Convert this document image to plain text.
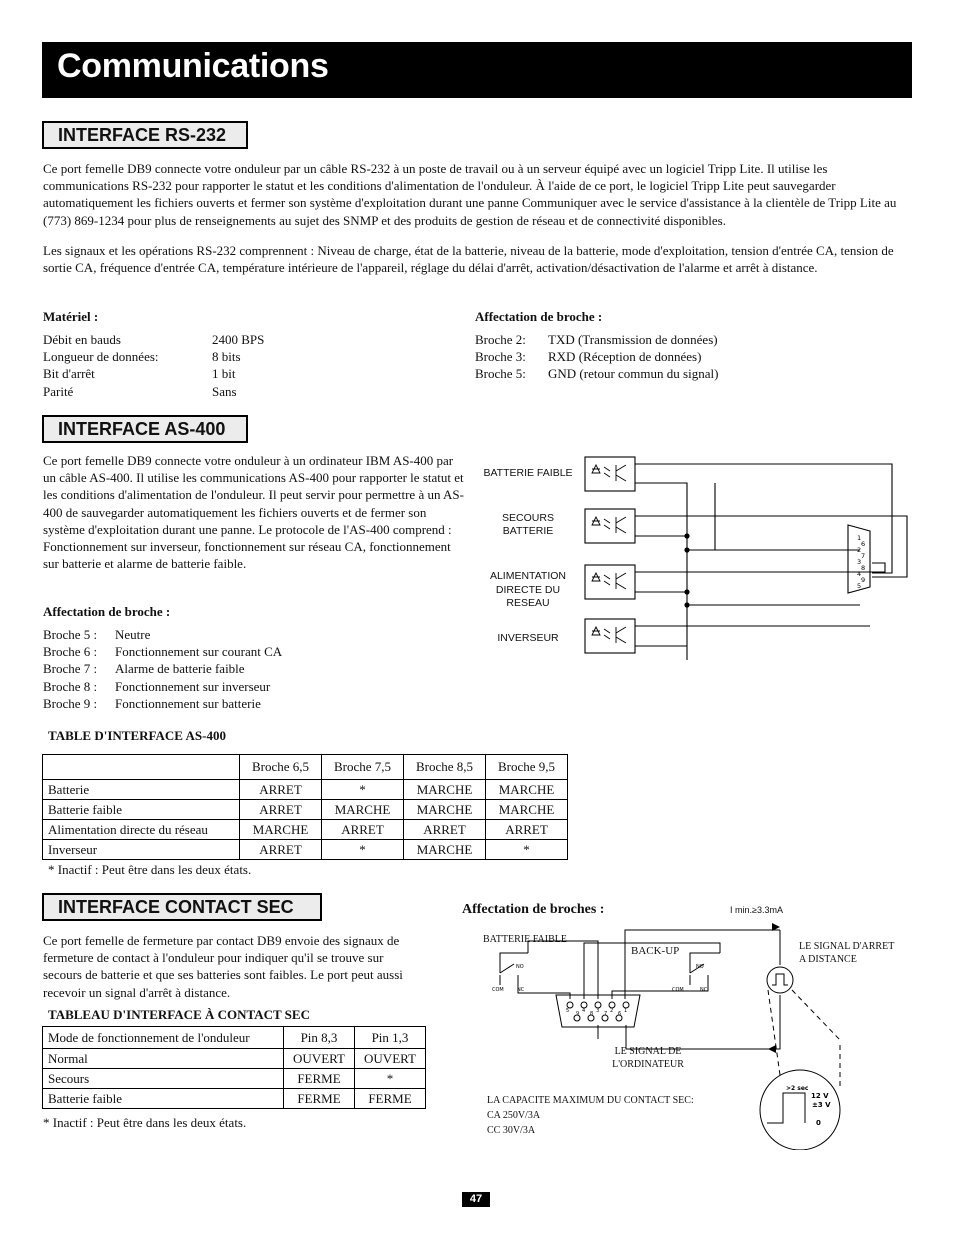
Communications
INTERFACE RS-232
Ce port femelle DB9 connecte votre onduleur par un câble RS-232 à un poste de travail ou à un serveur équipé avec un logiciel Tripp Lite. Il utilise les communications RS-232 pour rapporter le statut et les conditions d'alimentation de l'onduleur. À l'aide de ce port, le logiciel Tripp Lite peut sauvegarder automatiquement les fichiers ouverts et fermer son système d'exploitation durant une panne Communiquer avec le service d'assistance à la clientèle de Tripp Lite au (773) 869-1234 pour plus de renseignements au sujet des SNMP et des produits de gestion de réseau et de connectivité disponibles.
Les signaux et les opérations RS-232 comprennent : Niveau de charge, état de la batterie, niveau de la batterie, mode d'exploitation, tension d'entrée CA, tension de sortie CA, fréquence d'entrée CA, température intérieure de l'appareil, réglage du délai d'arrêt, activation/désactivation de l'alarme et arrêt à distance.
Matériel :
Débit en bauds	2400 BPS
Longueur de données:	8 bits
Bit d'arrêt	1 bit
Parité	Sans
Affectation de broche :
Broche 2: TXD (Transmission de données)
Broche 3: RXD (Réception de données)
Broche 5: GND (retour commun du signal)
INTERFACE AS-400
Ce port femelle DB9 connecte votre onduleur à un ordinateur IBM AS-400 par un câble AS-400. Il utilise les communications AS-400 pour rapporter le statut et les conditions d'alimentation de l'onduleur. Il peut servir pour permettre à un AS-400 de sauvegarder automatiquement les fichiers ouverts et de fermer son système d'exploitation durant une panne. Le protocole de l'AS-400 comprend : Fonctionnement sur inverseur, fonctionnement sur réseau CA, fonctionnement sur batterie et alarme de batterie faible.
Affectation de broche :
Broche 5 : Neutre
Broche 6 : Fonctionnement sur courant CA
Broche 7 : Alarme de batterie faible
Broche 8 : Fonctionnement sur inverseur
Broche 9 : Fonctionnement sur batterie
BATTERIE FAIBLE
SECOURS
BATTERIE
ALIMENTATION
DIRECTE DU
RESEAU
INVERSEUR
1
6
2
7
3
8
4
9
5
TABLE D'INTERFACE AS-400
	Broche 6,5	Broche 7,5	Broche 8,5	Broche 9,5
Batterie	ARRET	*	MARCHE	MARCHE
Batterie faible	ARRET	MARCHE	MARCHE	MARCHE
Alimentation directe du réseau	MARCHE	ARRET	ARRET	ARRET
Inverseur	ARRET	*	MARCHE	*
* Inactif : Peut être dans les deux états.
INTERFACE CONTACT SEC
Ce port femelle de fermeture par contact DB9 envoie des signaux de fermeture de contact à l'onduleur pour indiquer qu'il se trouve sur secours de batterie et que ses batteries sont faibles. Le port peut aussi recevoir un signal d'arrêt à distance.
TABLEAU D'INTERFACE À CONTACT SEC
Mode de fonctionnement de l'onduleur	Pin 8,3	Pin 1,3
Normal	OUVERT	OUVERT
Secours	FERME	*
Batterie faible	FERME	FERME
* Inactif : Peut être dans les deux états.
Affectation de broches :	I min.≥3.3mA
BATTERIE FAIBLE
BACK-UP	LE SIGNAL D'ARRET
A DISTANCE
LE SIGNAL DE
L'ORDINATEUR
LA CAPACITE MAXIMUM DU CONTACT SEC:
CA 250V/3A
CC 30V/3A
NO	NO
COM	NC	COM	NC
5 9 4 8 3 7 2 6 1
>2 sec
12 V
±3 V
0
47
